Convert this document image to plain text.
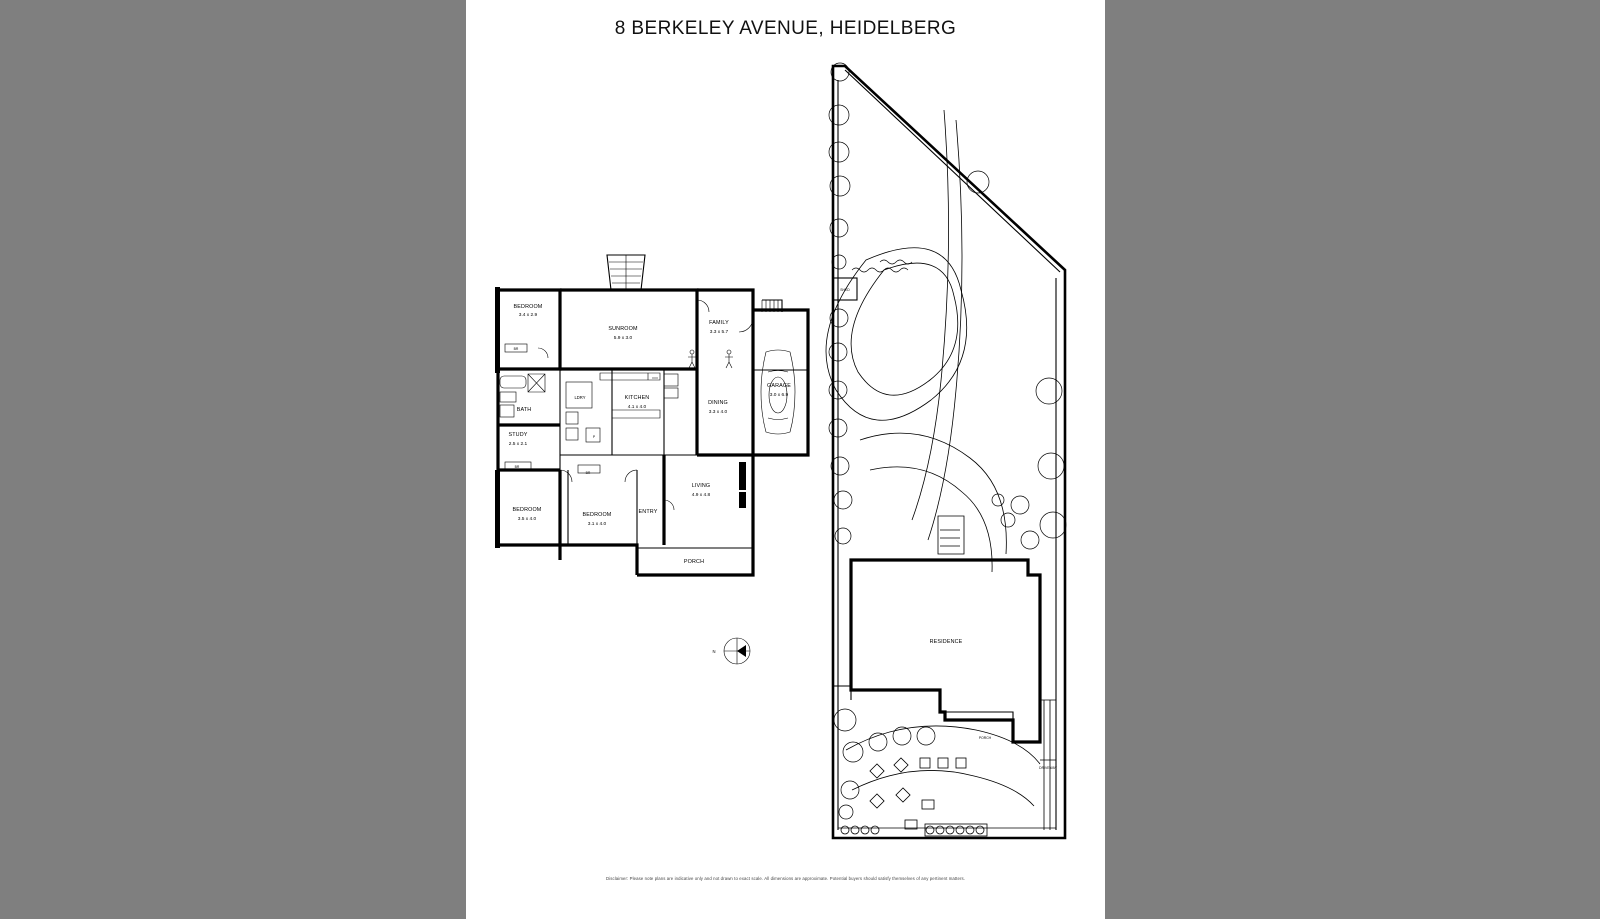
8 BERKELEY AVENUE, HEIDELBERG
BEDROOM
3.4 x 2.9
SUNROOM
5.9 x 3.0
FAMILY
3.3 x 5.7
GARAGE
3.0 x 6.9
KITCHEN
4.1 x 4.0
DINING
3.3 x 4.0
STUDY
2.5 x 2.1
BEDROOM
3.5 x 4.0
BEDROOM
3.1 x 4.0
LIVING
4.9 x 4.8
BATH
LDRY
ENTRY
PORCH
BR
BR
BR
P
N
SHED
RESIDENCE
PORCH
DRIVEWAY
Disclaimer: Please note plans are indicative only and not drawn to exact scale. All dimensions are approximate. Potential buyers should satisfy themselves of any pertinent matters.
